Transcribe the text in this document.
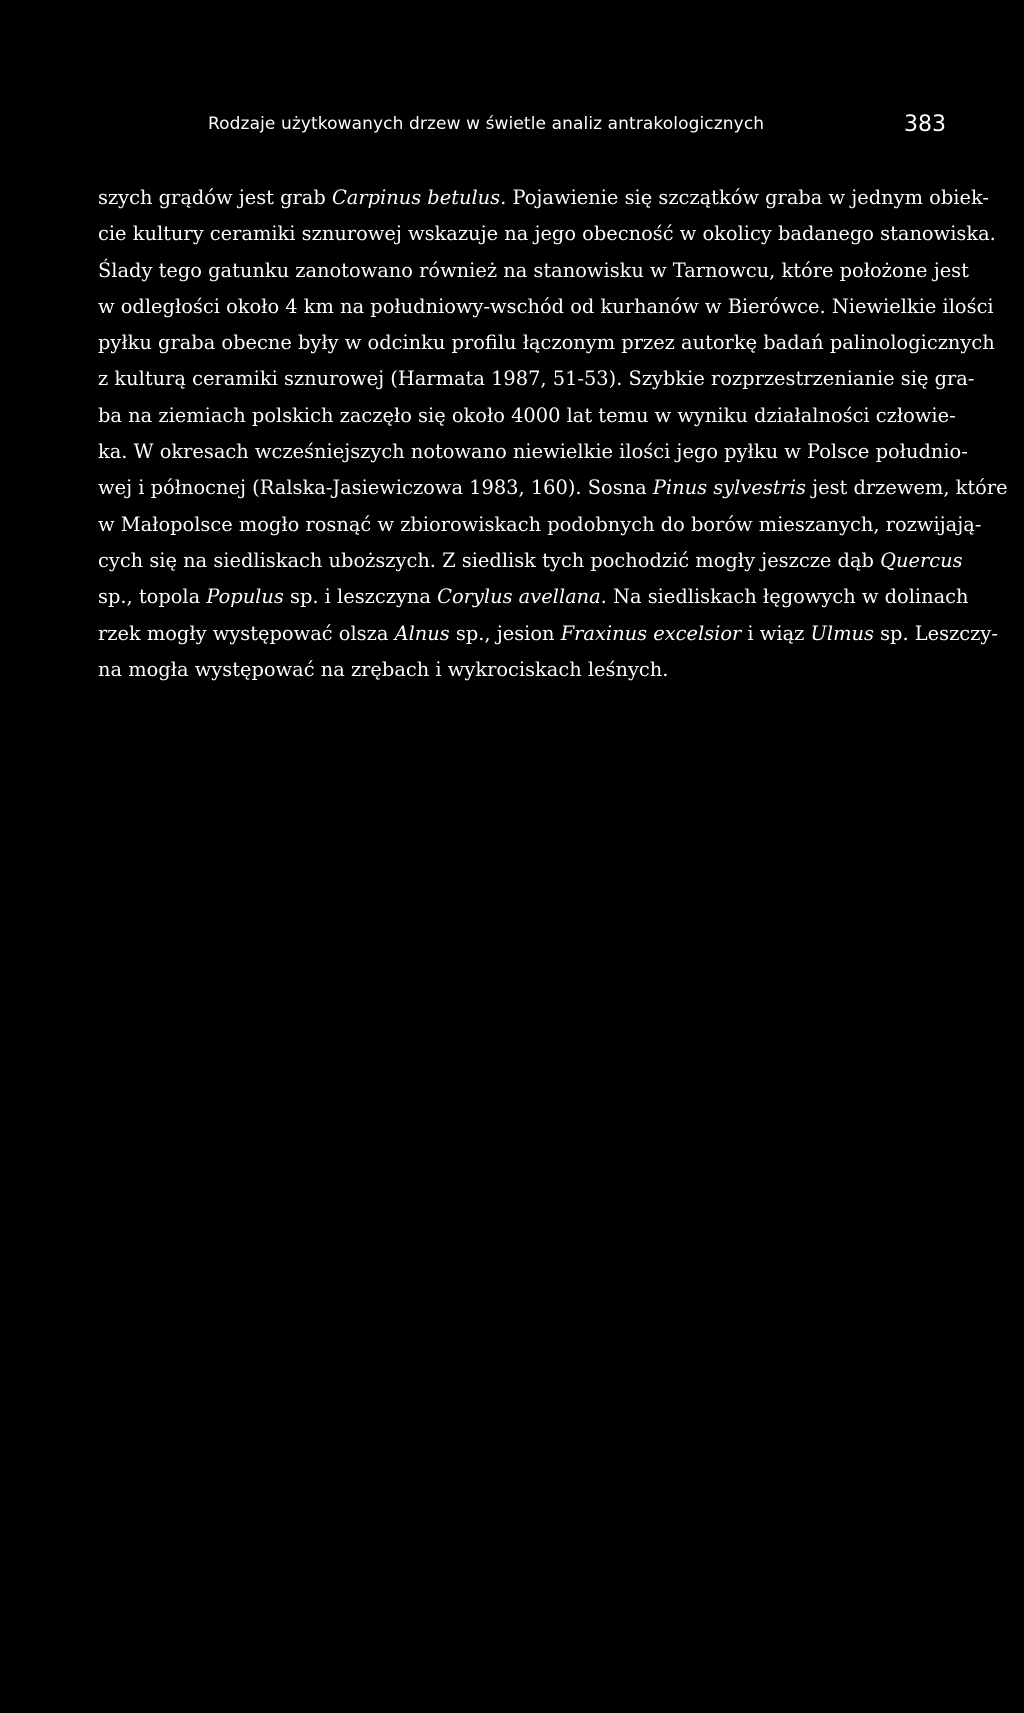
Rodzaje użytkowanych drzew w świetle analiz antrakologicznych	383
szych grądów jest grab Carpinus betulus. Pojawienie się szczątków graba w jednym obiek-
cie kultury ceramiki sznurowej wskazuje na jego obecność w okolicy badanego stanowiska.
Ślady tego gatunku zanotowano również na stanowisku w Tarnowcu, które położone jest
w odległości około 4 km na południowy-wschód od kurhanów w Bierówce. Niewielkie ilości
pyłku graba obecne były w odcinku profilu łączonym przez autorkę badań palinologicznych
z kulturą ceramiki sznurowej (Harmata 1987, 51-53). Szybkie rozprzestrzenianie się gra-
ba na ziemiach polskich zaczęło się około 4000 lat temu w wyniku działalności człowie-
ka. W okresach wcześniejszych notowano niewielkie ilości jego pyłku w Polsce południo-
wej i północnej (Ralska-Jasiewiczowa 1983, 160). Sosna Pinus sylvestris jest drzewem, które
w Małopolsce mogło rosnąć w zbiorowiskach podobnych do borów mieszanych, rozwijają-
cych się na siedliskach uboższych. Z siedlisk tych pochodzić mogły jeszcze dąb Quercus
sp., topola Populus sp. i leszczyna Corylus avellana. Na siedliskach łęgowych w dolinach
rzek mogły występować olsza Alnus sp., jesion Fraxinus excelsior i wiąz Ulmus sp. Leszczy-
na mogła występować na zrębach i wykrociskach leśnych.
